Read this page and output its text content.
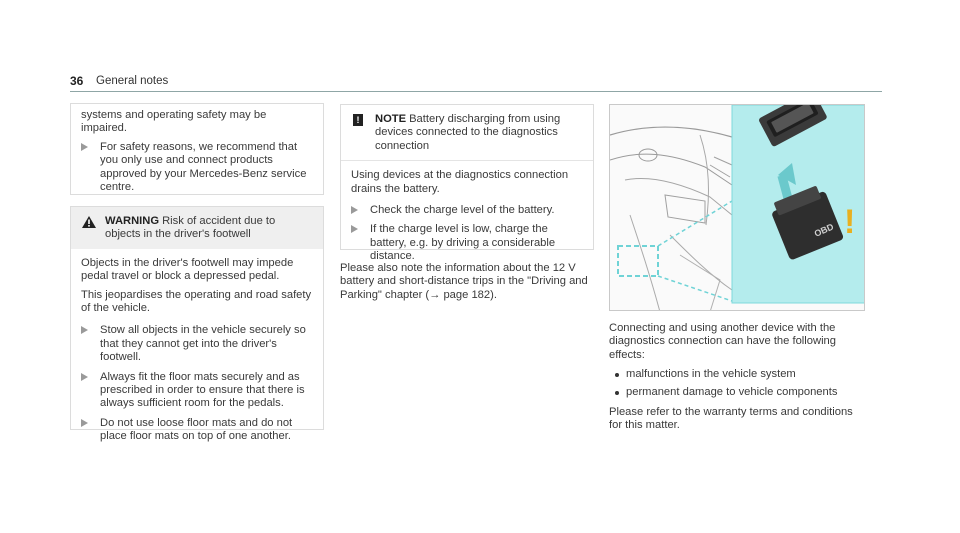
36 General notes

systems and operating safety may be impaired.

For safety reasons, we recommend that you only use and connect products approved by your Mercedes-Benz service centre.
WARNING Risk of accident due to objects in the driver's footwell

Objects in the driver's footwell may impede pedal travel or block a depressed pedal.

This jeopardises the operating and road safety of the vehicle.

Stow all objects in the vehicle securely so that they cannot get into the driver's footwell.
Always fit the floor mats securely and as prescribed in order to ensure that there is always sufficient room for the pedals.
Do not use loose floor mats and do not place floor mats on top of one another.
!	NOTE Battery discharging from using devices connected to the diagnostics connection

Using devices at the diagnostics connection drains the battery.

Check the charge level of the battery.
If the charge level is low, charge the battery, e.g. by driving a considerable distance.

Please also note the information about the 12 V battery and short-distance trips in the "Driving and Parking" chapter (→ page 182).

OBD !

Connecting and using another device with the diagnostics connection can have the following effects:

malfunctions in the vehicle system
permanent damage to vehicle components

Please refer to the warranty terms and conditions for this matter.
